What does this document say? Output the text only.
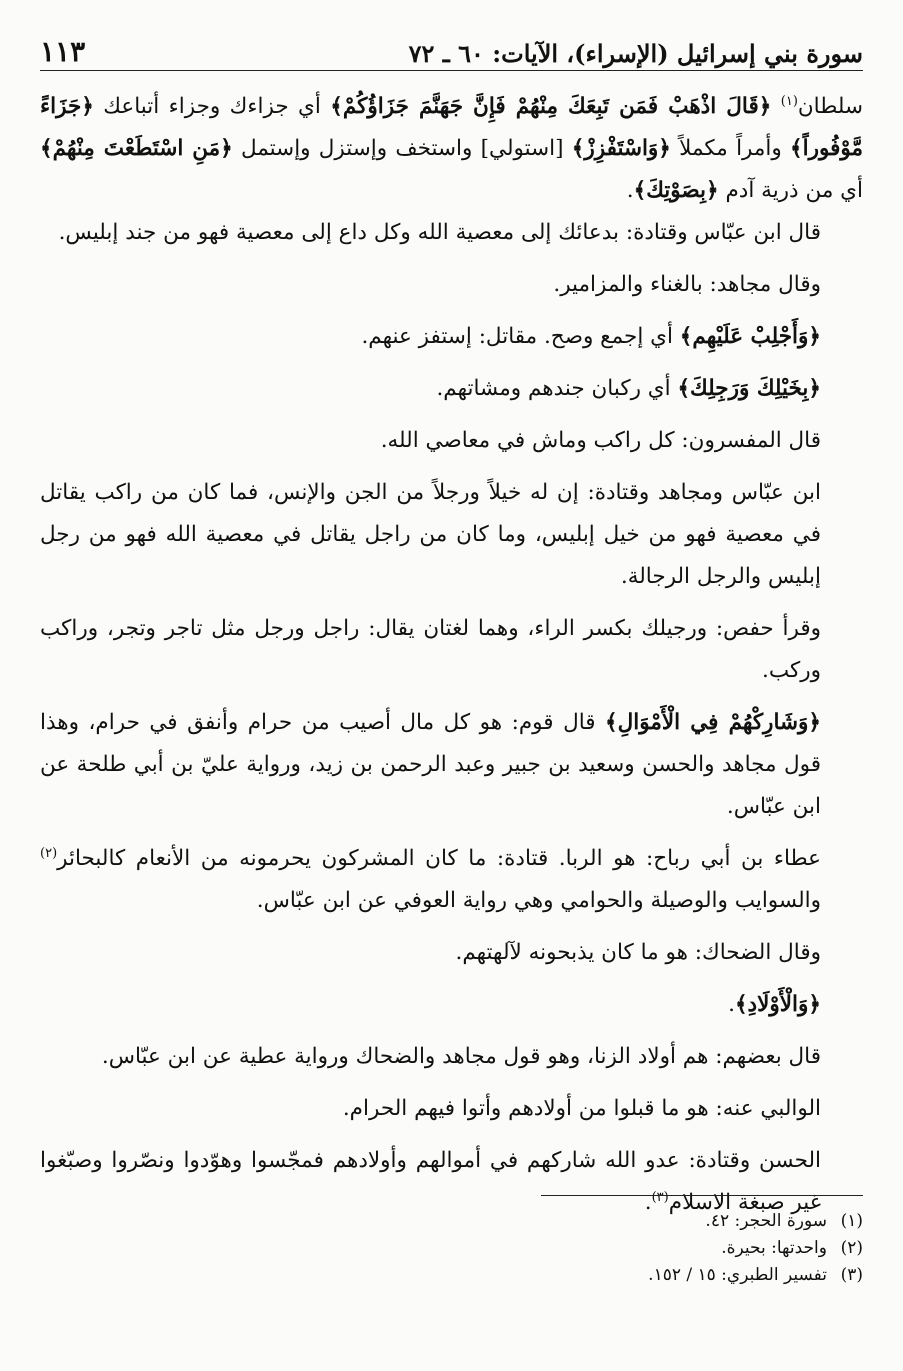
سورة بني إسرائيل (الإسراء)، الآيات: ٦٠ ـ ٧٢
١١٣

سلطان$^{(١)}$ ﴿قَالَ اذْهَبْ فَمَن تَبِعَكَ مِنْهُمْ فَإِنَّ جَهَنَّمَ جَزَاؤُكُمْ﴾ أي جزاءك وجزاء أتباعك ﴿جَزَاءً مَّوْفُوراً﴾ وأمراً مكملاً ﴿وَاسْتَفْزِزْ﴾ [استولي] واستخف وإستزل وإستمل ﴿مَنِ اسْتَطَعْتَ مِنْهُمْ﴾ أي من ذرية آدم ﴿بِصَوْتِكَ﴾.

قال ابن عبّاس وقتادة: بدعائك إلى معصية الله وكل داع إلى معصية فهو من جند إبليس.

وقال مجاهد: بالغناء والمزامير.

﴿وَأَجْلِبْ عَلَيْهِم﴾ أي إجمع وصح. مقاتل: إستفز عنهم.

﴿بِخَيْلِكَ وَرَجِلِكَ﴾ أي ركبان جندهم ومشاتهم.

قال المفسرون: كل راكب وماش في معاصي الله.

ابن عبّاس ومجاهد وقتادة: إن له خيلاً ورجلاً من الجن والإنس، فما كان من راكب يقاتل في معصية فهو من خيل إبليس، وما كان من راجل يقاتل في معصية الله فهو من رجل إبليس والرجل الرجالة.

وقرأ حفص: ورجيلك بكسر الراء، وهما لغتان يقال: راجل ورجل مثل تاجر وتجر، وراكب وركب.

﴿وَشَارِكْهُمْ فِي الْأَمْوَالِ﴾ قال قوم: هو كل مال أصيب من حرام وأنفق في حرام، وهذا قول مجاهد والحسن وسعيد بن جبير وعبد الرحمن بن زيد، ورواية عليّ بن أبي طلحة عن ابن عبّاس.

عطاء بن أبي رباح: هو الربا. قتادة: ما كان المشركون يحرمونه من الأنعام كالبحائر$^{(٢)}$ والسوايب والوصيلة والحوامي وهي رواية العوفي عن ابن عبّاس.

وقال الضحاك: هو ما كان يذبحونه لآلهتهم.

﴿وَالْأَوْلَادِ﴾.

قال بعضهم: هم أولاد الزنا، وهو قول مجاهد والضحاك ورواية عطية عن ابن عبّاس.

الوالبي عنه: هو ما قبلوا من أولادهم وأتوا فيهم الحرام.

الحسن وقتادة: عدو الله شاركهم في أموالهم وأولادهم فمجّسوا وهوّدوا ونصّروا وصبّغوا غير صبغة الاسلام$^{(٣)}$.

(١)
سورة الحجر: ٤٢.
(٢)
واحدتها: بحيرة.
(٣)
تفسير الطبري: ١٥ / ١٥٢.
